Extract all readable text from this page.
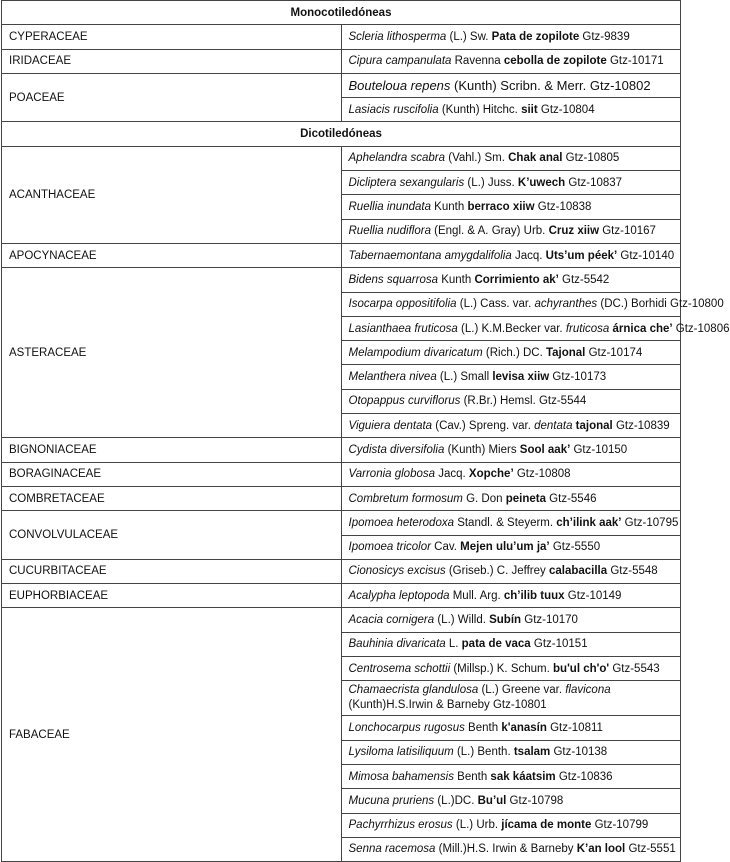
Monocotiledóneas	
CYPERACEAE	Scleria lithosperma (L.) Sw. Pata de zopilote Gtz-9839
IRIDACEAE	Cipura campanulata Ravenna cebolla de zopilote Gtz-10171
POACEAE	Bouteloua repens (Kunth) Scribn. & Merr. Gtz-10802
	Lasiacis ruscifolia (Kunth) Hitchc. siit Gtz-10804
Dicotiledóneas	
ACANTHACEAE	Aphelandra scabra (Vahl.) Sm. Chak anal Gtz-10805
	Dicliptera sexangularis (L.) Juss. K’uwech Gtz-10837
	Ruellia inundata Kunth berraco xiiw Gtz-10838
	Ruellia nudiflora (Engl. & A. Gray) Urb. Cruz xiiw Gtz-10167
APOCYNACEAE	Tabernaemontana amygdalifolia Jacq. Uts’um péek’ Gtz-10140
ASTERACEAE	Bidens squarrosa Kunth Corrimiento ak’ Gtz-5542
	Isocarpa oppositifolia (L.) Cass. var. achyranthes (DC.) Borhidi Gtz-10800
	Lasianthaea fruticosa (L.) K.M.Becker var. fruticosa árnica che’ Gtz-10806
	Melampodium divaricatum (Rich.) DC. Tajonal Gtz-10174
	Melanthera nivea (L.) Small levisa xiiw Gtz-10173
	Otopappus curviflorus (R.Br.) Hemsl. Gtz-5544
	Viguiera dentata (Cav.) Spreng. var. dentata tajonal Gtz-10839
BIGNONIACEAE	Cydista diversifolia (Kunth) Miers Sool aak’ Gtz-10150
BORAGINACEAE	Varronia globosa Jacq. Xopche’ Gtz-10808
COMBRETACEAE	Combretum formosum G. Don peineta Gtz-5546
CONVOLVULACEAE	Ipomoea heterodoxa Standl. & Steyerm. ch’ilink aak’ Gtz-10795
	Ipomoea tricolor Cav. Mejen ulu’um ja’ Gtz-5550
CUCURBITACEAE	Cionosicys excisus (Griseb.) C. Jeffrey calabacilla Gtz-5548
EUPHORBIACEAE	Acalypha leptopoda Mull. Arg. ch’ilib tuux Gtz-10149
FABACEAE	Acacia cornigera (L.) Willd. Subín Gtz-10170
	Bauhinia divaricata L. pata de vaca Gtz-10151
	Centrosema schottii (Millsp.) K. Schum. bu'ul ch'o' Gtz-5543
	Chamaecrista glandulosa (L.) Greene var. flavicona (Kunth)H.S.Irwin & Barneby Gtz-10801
	Lonchocarpus rugosus Benth k'anasín Gtz-10811
	Lysiloma latisiliquum (L.) Benth. tsalam Gtz-10138
	Mimosa bahamensis Benth sak káatsim Gtz-10836
	Mucuna pruriens (L.)DC. Bu’ul Gtz-10798
	Pachyrrhizus erosus (L.) Urb. jícama de monte Gtz-10799
	Senna racemosa (Mill.)H.S. Irwin & Barneby K’an lool Gtz-5551
